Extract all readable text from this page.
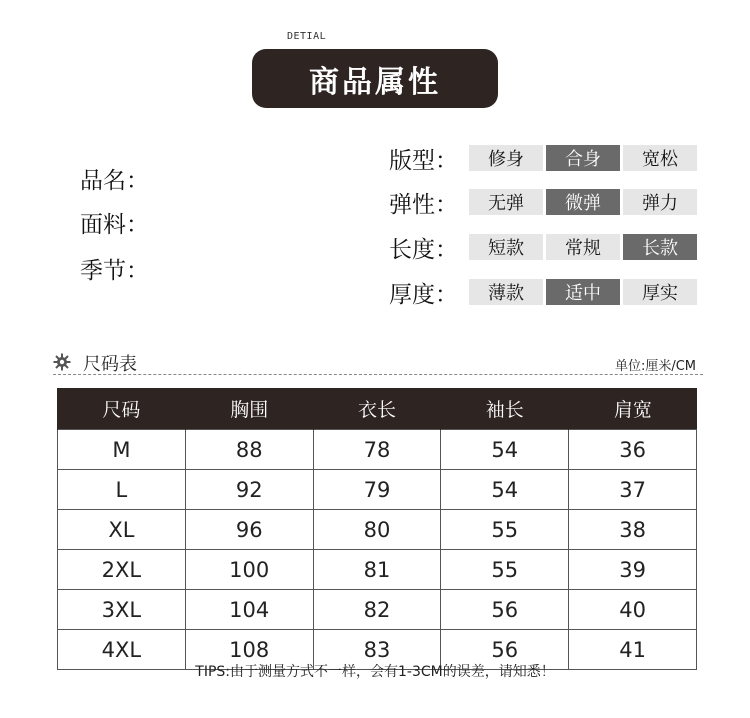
DETIAL
商品属性
品名：
面料：
季节：
版型：	修身	合身	宽松
弹性：	无弹	微弹	弹力
长度：	短款	常规	长款
厚度：	薄款	适中	厚实
尺码表	单位:厘米/CM
尺码	胸围	衣长	袖长	肩宽
M	88	78	54	36
L	92	79	54	37
XL	96	80	55	38
2XL	100	81	55	39
3XL	104	82	56	40
4XL	108	83	56	41
TIPS:由于测量方式不一样，会有1-3CM的误差，请知悉！
